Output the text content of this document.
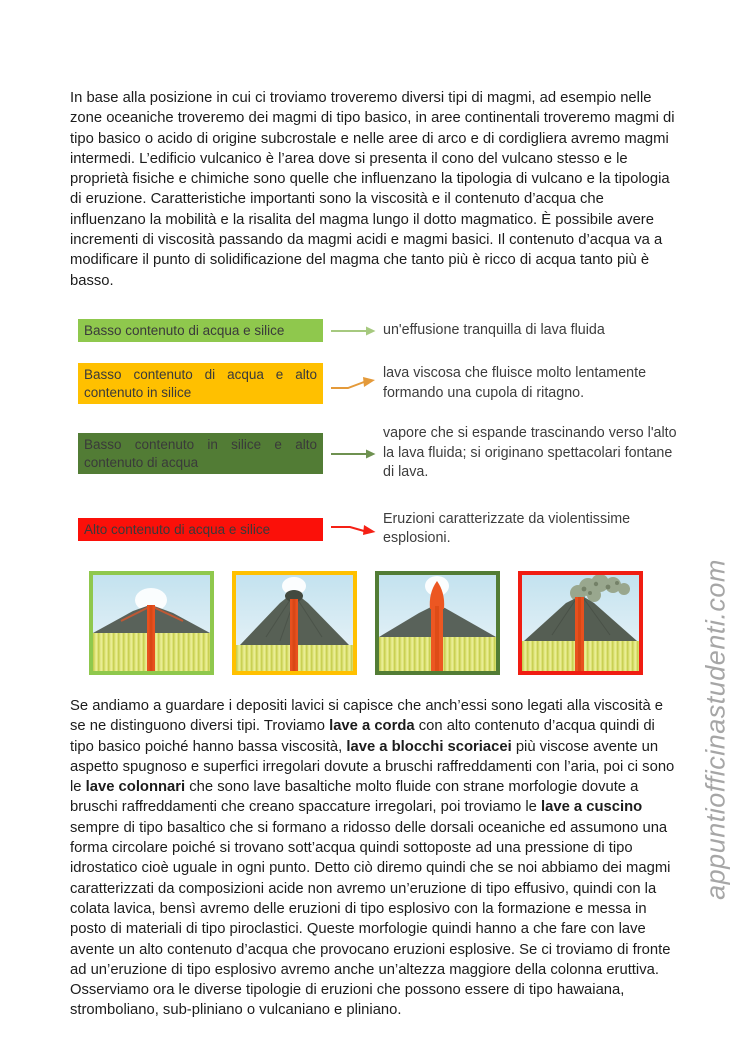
In base alla posizione in cui ci troviamo troveremo diversi tipi di magmi, ad esempio nelle zone oceaniche troveremo dei magmi di tipo basico, in aree continentali troveremo magmi di tipo basico o acido di origine subcrostale e nelle aree di arco e di cordigliera avremo magmi intermedi. L’edificio vulcanico è l’area dove si presenta il cono del vulcano stesso e le proprietà fisiche e chimiche sono quelle che influenzano la tipologia di vulcano e la tipologia di eruzione. Caratteristiche importanti sono la viscosità e il contenuto d’acqua che influenzano la mobilità e la risalita del magma lungo il dotto magmatico. È possibile avere incrementi di viscosità passando da magmi acidi e magmi basici. Il contenuto d’acqua va a modificare il punto di solidificazione del magma che tanto più è ricco di acqua tanto più è basso.

Basso contenuto di acqua e silice	un'effusione tranquilla di lava fluida
Basso contenuto di acqua e alto contenuto in silice
lava viscosa che fluisce molto lentamente formando una cupola di ritagno.
Basso contenuto in silice e alto contenuto di acqua
vapore che si espande trascinando verso l'alto la lava fluida; si originano spettacolari fontane di lava.
Alto contenuto di acqua e silice
Eruzioni caratterizzate da violentissime esplosioni.

Se andiamo a guardare i depositi lavici si capisce che anch’essi sono legati alla viscosità e se ne distinguono diversi tipi. Troviamo lave a corda con alto contenuto d’acqua quindi di tipo basico poiché hanno bassa viscosità, lave a blocchi scoriacei più viscose avente un aspetto spugnoso e superfici irregolari dovute a bruschi raffreddamenti con l’aria, poi ci sono le lave colonnari che sono lave basaltiche molto fluide con strane morfologie dovute a bruschi raffreddamenti che creano spaccature irregolari, poi troviamo le lave a cuscino sempre di tipo basaltico che si formano a ridosso delle dorsali oceaniche ed assumono una forma circolare poiché si trovano sott’acqua quindi sottoposte ad una pressione di tipo idrostatico cioè uguale in ogni punto. Detto ciò diremo quindi che se noi abbiamo dei magmi caratterizzati da composizioni acide non avremo un’eruzione di tipo effusivo, quindi con la colata lavica, bensì avremo delle eruzioni di tipo esplosivo con la formazione e messa in posto di materiali di tipo piroclastici. Queste morfologie quindi hanno a che fare con lave avente un alto contenuto d’acqua che provocano eruzioni esplosive. Se ci troviamo di fronte ad un’eruzione di tipo esplosivo avremo anche un’altezza maggiore della colonna eruttiva. Osserviamo ora le diverse tipologie di eruzioni che possono essere di tipo hawaiana, stromboliano, sub-pliniano o vulcaniano e pliniano.

appuntiofficinastudenti.com
